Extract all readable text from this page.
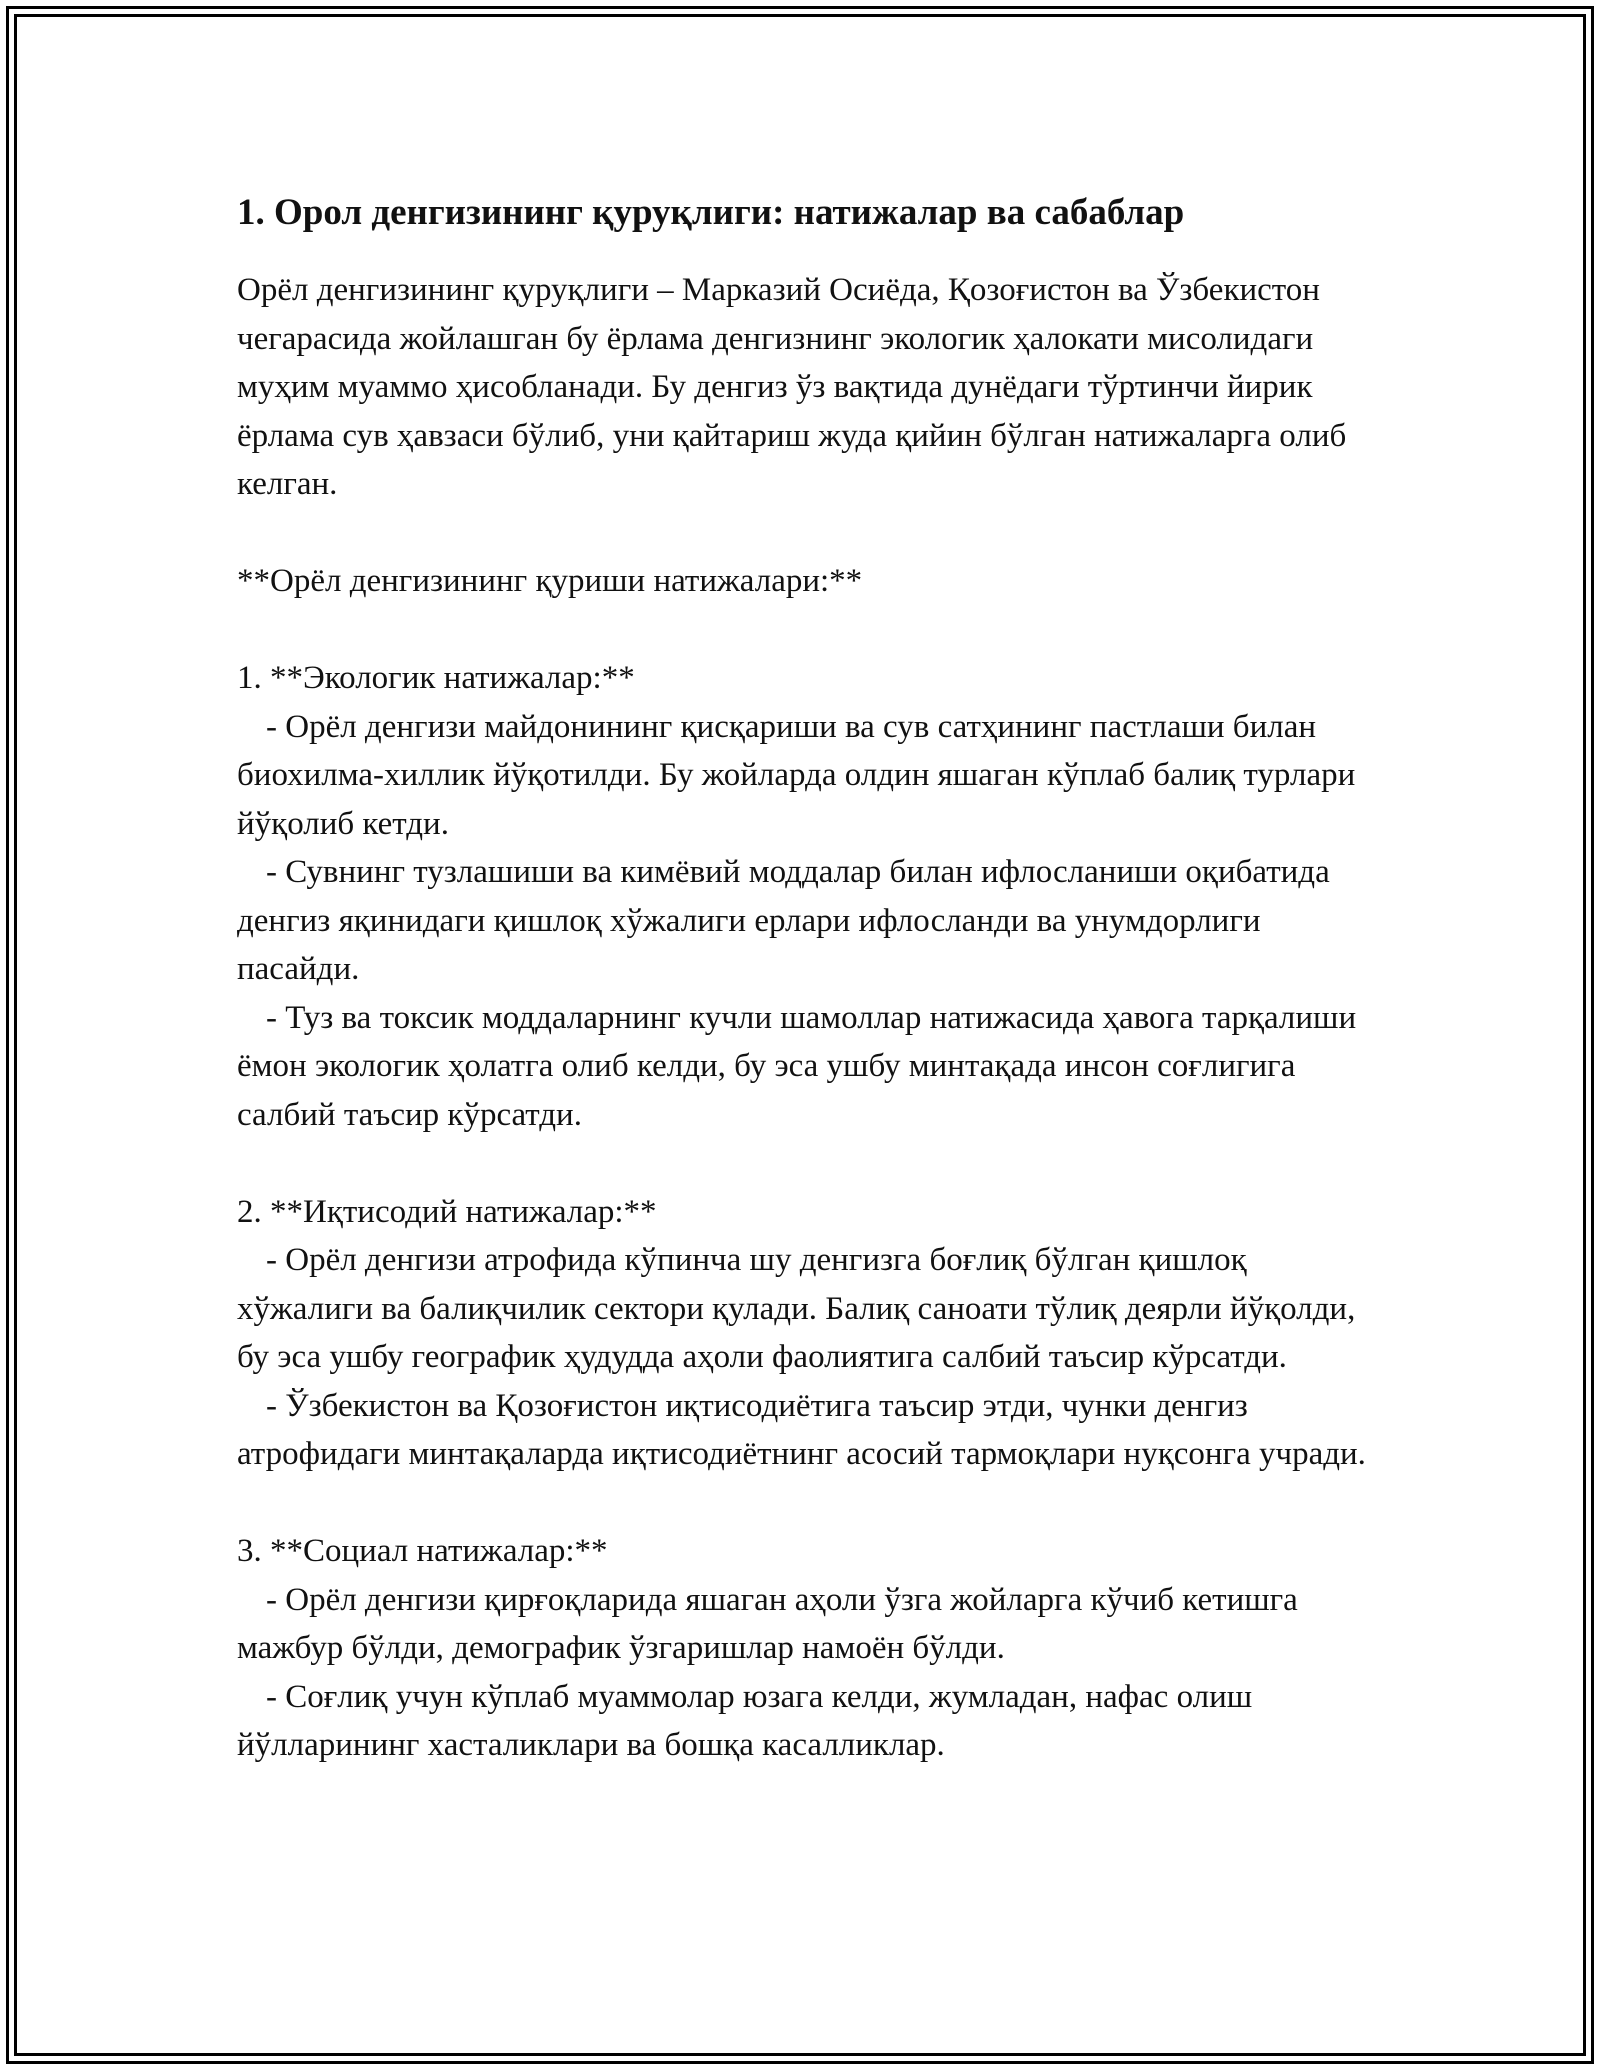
1. Орол денгизининг қуруқлиги: натижалар ва сабаблар

Орёл денгизининг қуруқлиги – Марказий Осиёда, Қозоғистон ва Ўзбекистон чегарасида жойлашган бу ёрлама денгизнинг экологик ҳалокати мисолидаги муҳим муаммо ҳисобланади. Бу денгиз ўз вақтида дунёдаги тўртинчи йирик ёрлама сув ҳавзаси бўлиб, уни қайтариш жуда қийин бўлган натижаларга олиб келган.

**Орёл денгизининг қуриши натижалари:**

1. **Экологик натижалар:**

- Орёл денгизи майдонининг қисқариши ва сув сатҳининг пастлаши билан биохилма-хиллик йўқотилди. Бу жойларда олдин яшаган кўплаб балиқ турлари йўқолиб кетди.

- Сувнинг тузлашиши ва кимёвий моддалар билан ифлосланиши оқибатида денгиз яқинидаги қишлоқ хўжалиги ерлари ифлосланди ва унумдорлиги пасайди.

- Туз ва токсик моддаларнинг кучли шамоллар натижасида ҳавога тарқалиши ёмон экологик ҳолатга олиб келди, бу эса ушбу минтақада инсон соғлигига салбий таъсир кўрсатди.

2. **Иқтисодий натижалар:**

- Орёл денгизи атрофида кўпинча шу денгизга боғлиқ бўлган қишлоқ хўжалиги ва балиқчилик сектори қулади. Балиқ саноати тўлиқ деярли йўқолди, бу эса ушбу географик ҳудудда аҳоли фаолиятига салбий таъсир кўрсатди.

- Ўзбекистон ва Қозоғистон иқтисодиётига таъсир этди, чунки денгиз атрофидаги минтақаларда иқтисодиётнинг асосий тармоқлари нуқсонга учради.

3. **Социал натижалар:**

- Орёл денгизи қирғоқларида яшаган аҳоли ўзга жойларга кўчиб кетишга мажбур бўлди, демографик ўзгаришлар намоён бўлди.

- Соғлиқ учун кўплаб муаммолар юзага келди, жумладан, нафас олиш йўлларининг хасталиклари ва бошқа касалликлар.
